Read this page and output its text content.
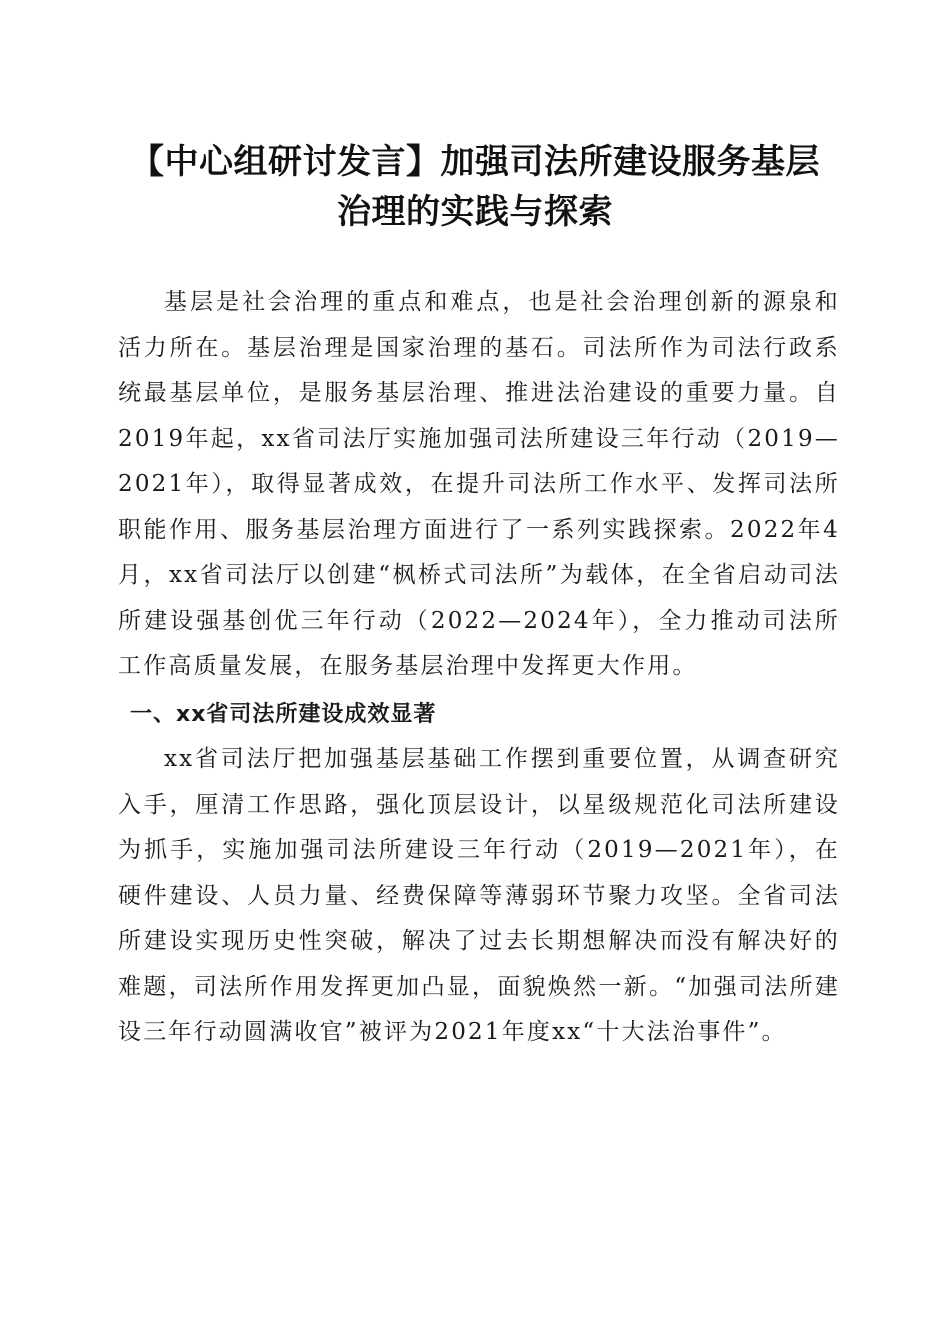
【中心组研讨发言】加强司法所建设服务基层
治理的实践与探索

基层是社会治理的重点和难点，也是社会治理创新的源泉和活力所在。基层治理是国家治理的基石。司法所作为司法行政系统最基层单位，是服务基层治理、推进法治建设的重要力量。自2019年起，xx省司法厅实施加强司法所建设三年行动（2019—2021年），取得显著成效，在提升司法所工作水平、发挥司法所职能作用、服务基层治理方面进行了一系列实践探索。2022年4月，xx省司法厅以创建“枫桥式司法所”为载体，在全省启动司法所建设强基创优三年行动（2022—2024年），全力推动司法所工作高质量发展，在服务基层治理中发挥更大作用。

一、xx省司法所建设成效显著

xx省司法厅把加强基层基础工作摆到重要位置，从调查研究入手，厘清工作思路，强化顶层设计，以星级规范化司法所建设为抓手，实施加强司法所建设三年行动（2019—2021年），在硬件建设、人员力量、经费保障等薄弱环节聚力攻坚。全省司法所建设实现历史性突破，解决了过去长期想解决而没有解决好的难题，司法所作用发挥更加凸显，面貌焕然一新。“加强司法所建设三年行动圆满收官”被评为2021年度xx“十大法治事件”。
